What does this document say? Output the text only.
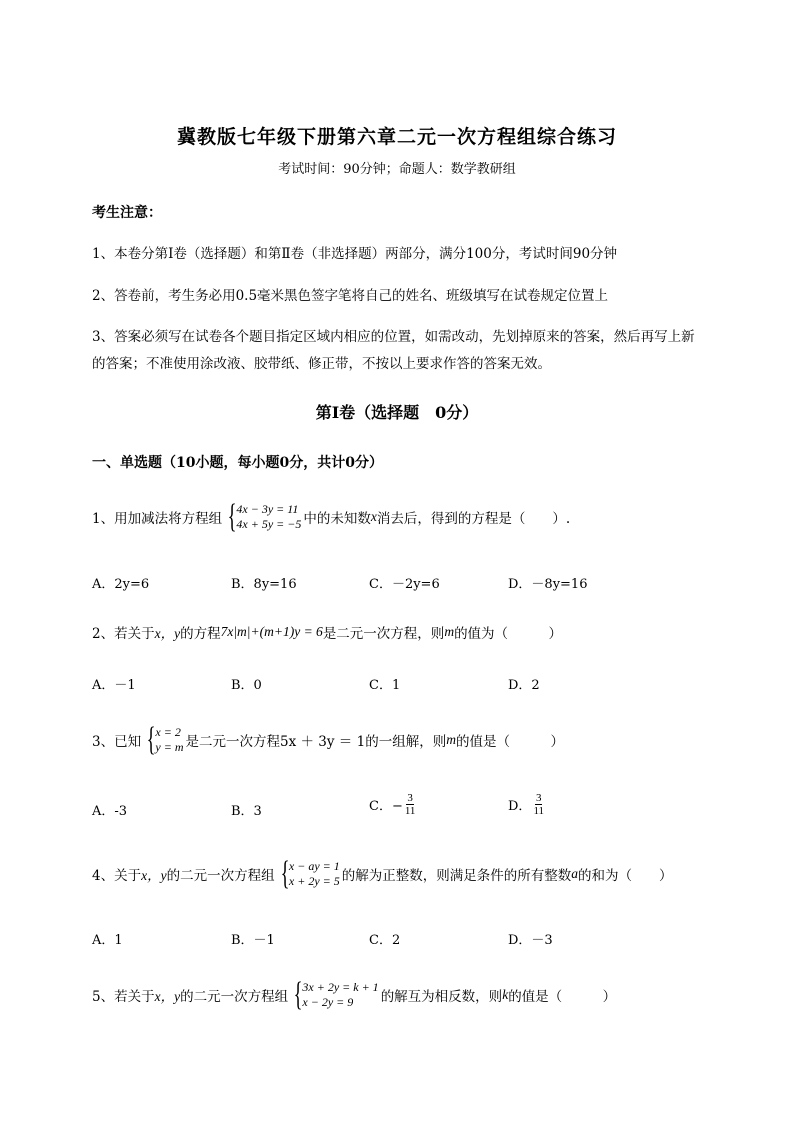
冀教版七年级下册第六章二元一次方程组综合练习
考试时间：90分钟；命题人：数学教研组
考生注意：
1、本卷分第I卷（选择题）和第Ⅱ卷（非选择题）两部分，满分100分，考试时间90分钟
2、答卷前，考生务必用0.5毫米黑色签字笔将自己的姓名、班级填写在试卷规定位置上
3、答案必须写在试卷各个题目指定区域内相应的位置，如需改动，先划掉原来的答案，然后再写上新
的答案；不准使用涂改液、胶带纸、修正带，不按以上要求作答的答案无效。
第I卷（选择题　0分）
一、单选题（10小题，每小题0分，共计0分）
1、用加减法将方程组 { 4x − 3y = 11
4x + 5y = −5 中的未知数 x 消去后，得到的方程是（　　）.
A．2y=6	B．8y=16	C．－2y=6	D．－8y=16
2、若关于 x，y 的方程 7x|m|+(m+1)y = 6 是二元一次方程，则 m 的值为（　　　）
A．－1	B．0	C．1	D．2
3、已知 { x = 2
y = m 是二元一次方程5x ＋ 3y ＝ 1的一组解，则 m 的值是（　　　）
A．-3	B．3	C．− $\frac{3}{11}$	D． $\frac{3}{11}$
4、关于 x，y 的二元一次方程组 { x − ay = 1
x + 2y = 5 的解为正整数，则满足条件的所有整数 a 的和为（　　）
A．1	B．－1	C．2	D．－3
5、若关于 x，y 的二元一次方程组 { 3x + 2y = k + 1
x − 2y = 9	的解互为相反数，则 k 的值是（　　　）
